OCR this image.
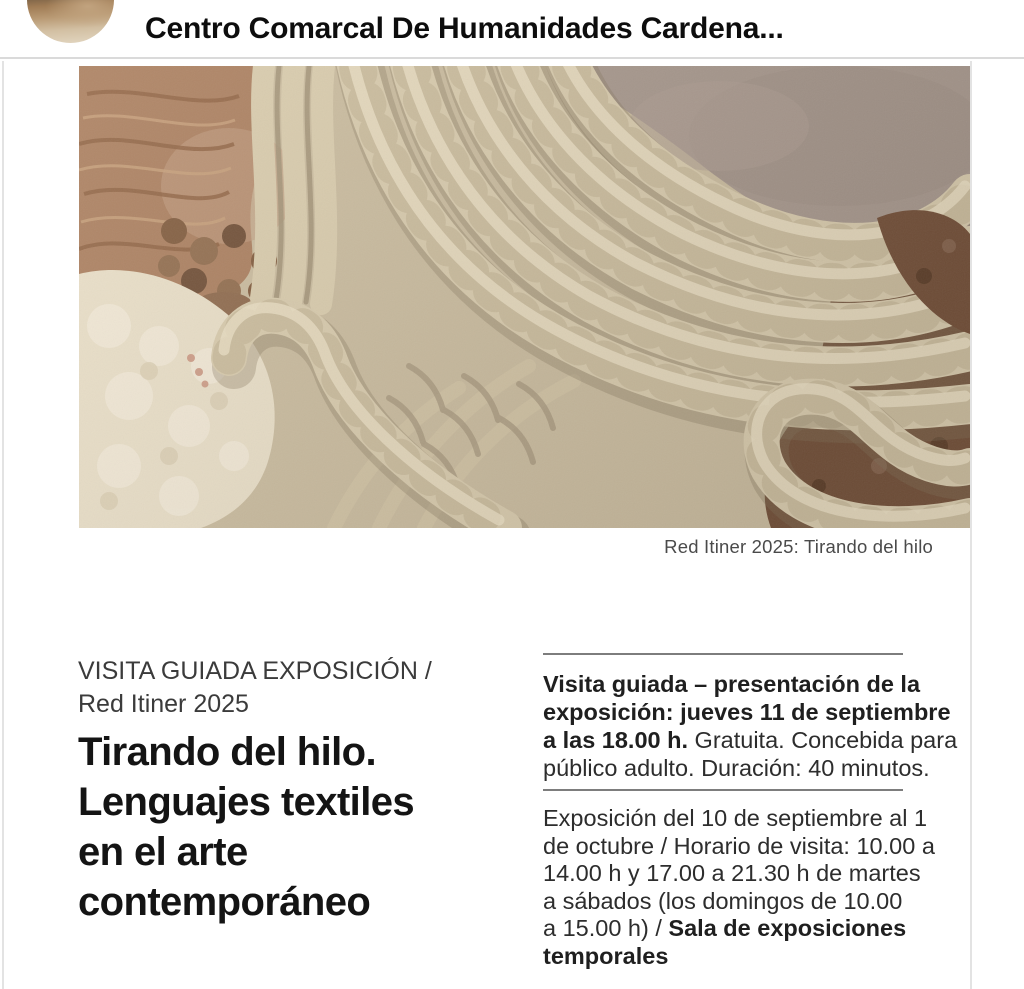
Centro Comarcal De Humanidades Cardena...
Red Itiner 2025: Tirando del hilo
VISITA GUIADA EXPOSICIÓN /
Red Itiner 2025
Tirando del hilo.
Lenguajes textiles
en el arte
contemporáneo

Visita guiada – presentación de la

exposición: jueves 11 de septiembre

a las 18.00 h. Gratuita. Concebida para

público adulto. Duración: 40 minutos.

Exposición del 10 de septiembre al 1

de octubre / Horario de visita: 10.00 a

14.00 h y 17.00 a 21.30 h de martes

a sábados (los domingos de 10.00

a 15.00 h) / Sala de exposiciones

temporales
